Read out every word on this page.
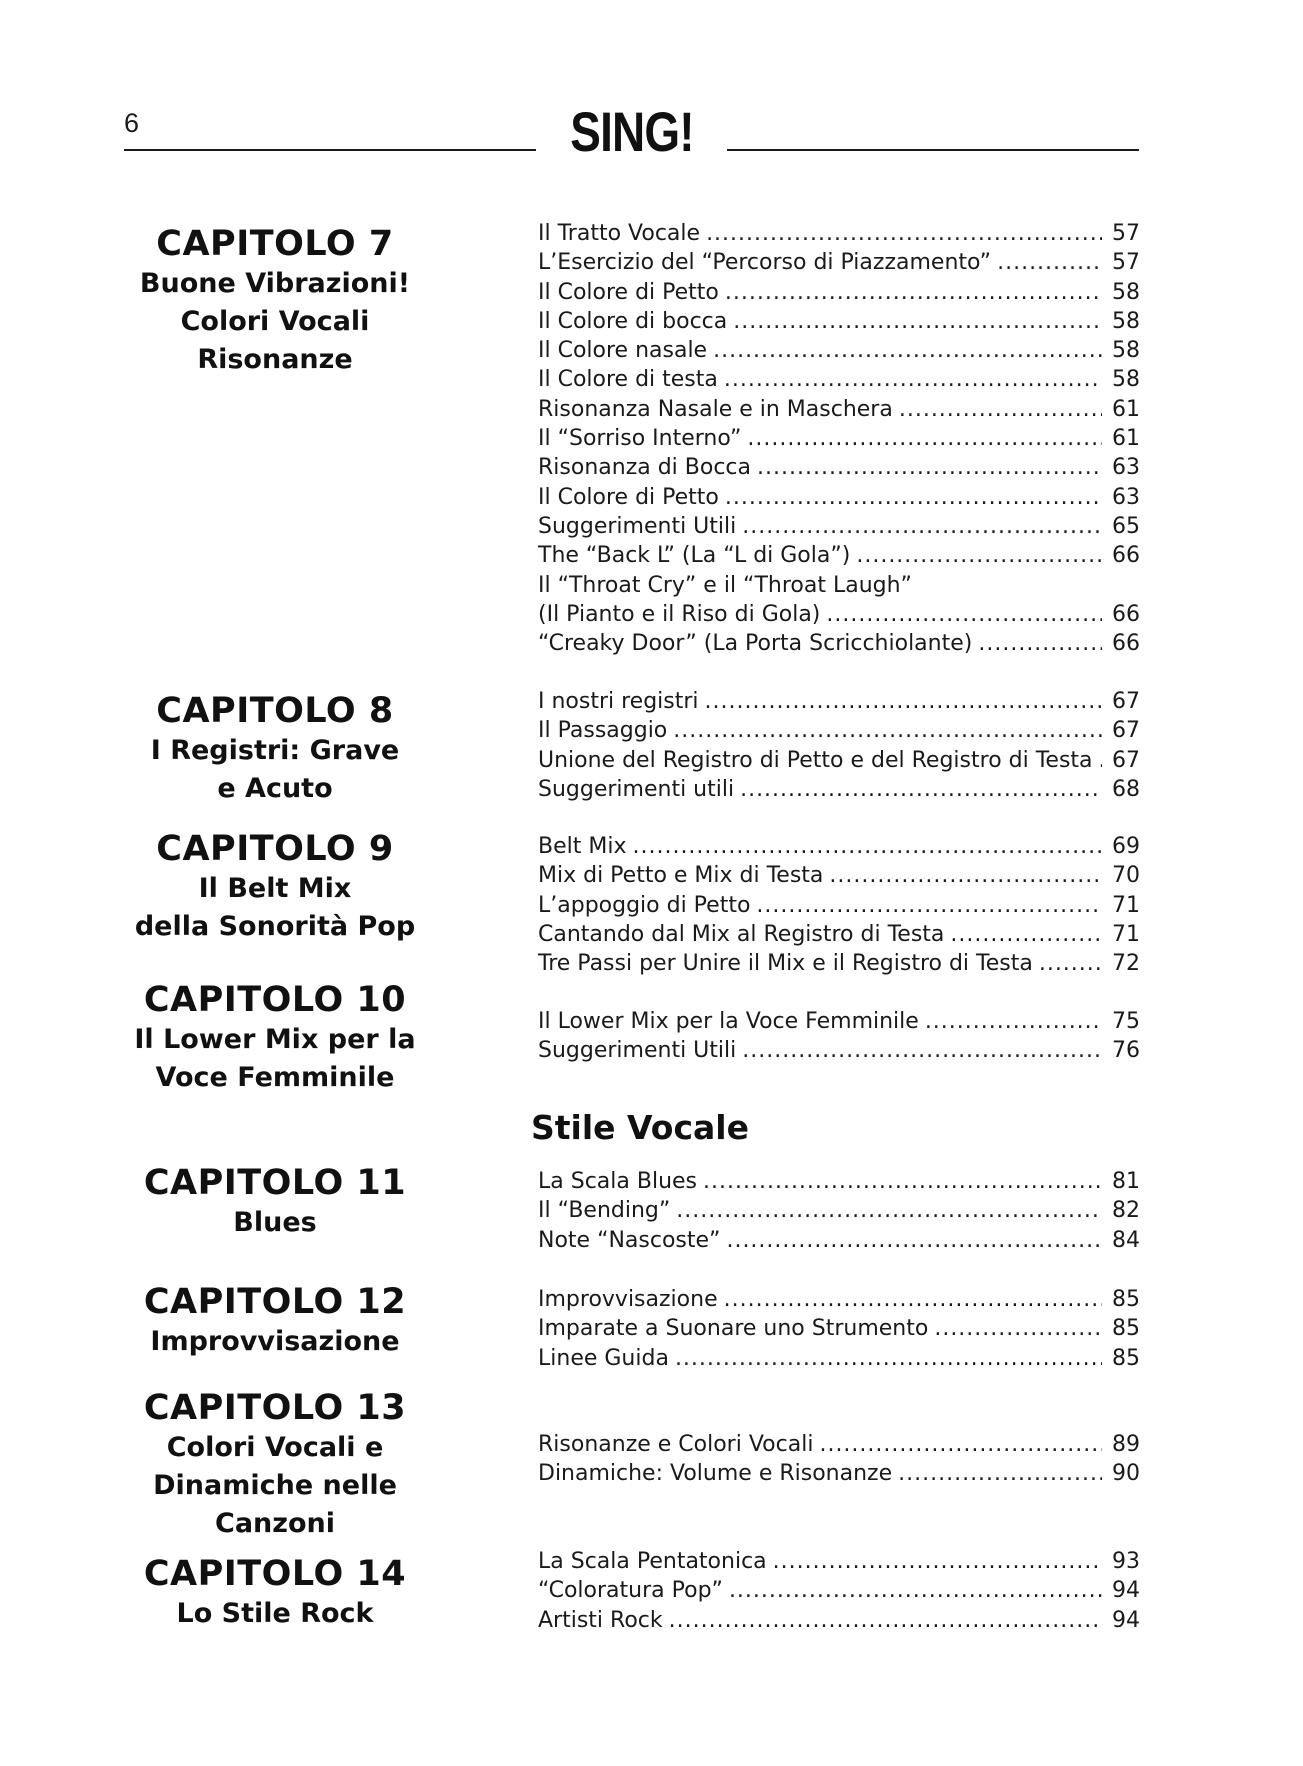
6	SING!
CAPITOLO 7
Buone Vibrazioni!
Colori Vocali
Risonanze
CAPITOLO 8
I Registri: Grave
e Acuto
CAPITOLO 9
Il Belt Mix
della Sonorità Pop
CAPITOLO 10
Il Lower Mix per la
Voce Femminile
CAPITOLO 11
Blues
CAPITOLO 12
Improvvisazione
CAPITOLO 13
Colori Vocali e
Dinamiche nelle
Canzoni
CAPITOLO 14
Lo Stile Rock
Stile Vocale
Il Tratto Vocale .....	57
L’Esercizio del “Percorso di Piazzamento” .....	57
Il Colore di Petto .....	58
Il Colore di bocca .....	58
Il Colore nasale .....	58
Il Colore di testa .....	58
Risonanza Nasale e in Maschera .....	61
Il “Sorriso Interno” .....	61
Risonanza di Bocca .....	63
Il Colore di Petto .....	63
Suggerimenti Utili .....	65
The “Back L” (La “L di Gola”) .....	66
Il “Throat Cry” e il “Throat Laugh”
(Il Pianto e il Riso di Gola) .....	66
“Creaky Door” (La Porta Scricchiolante) .....	66
I nostri registri .....	67
Il Passaggio .....	67
Unione del Registro di Petto e del Registro di Testa ..... 67
Suggerimenti utili .....	68
Belt Mix .....	69
Mix di Petto e Mix di Testa .....	70
L’appoggio di Petto .....	71
Cantando dal Mix al Registro di Testa .....	71
Tre Passi per Unire il Mix e il Registro di Testa .....	72
Il Lower Mix per la Voce Femminile .....	75
Suggerimenti Utili .....	76
La Scala Blues .....	81
Il “Bending” .....	82
Note “Nascoste” .....	84
Improvvisazione .....	85
Imparate a Suonare uno Strumento .....	85
Linee Guida .....	85
Risonanze e Colori Vocali .....	89
Dinamiche: Volume e Risonanze .....	90
La Scala Pentatonica .....	93
“Coloratura Pop” .....	94
Artisti Rock .....	94
